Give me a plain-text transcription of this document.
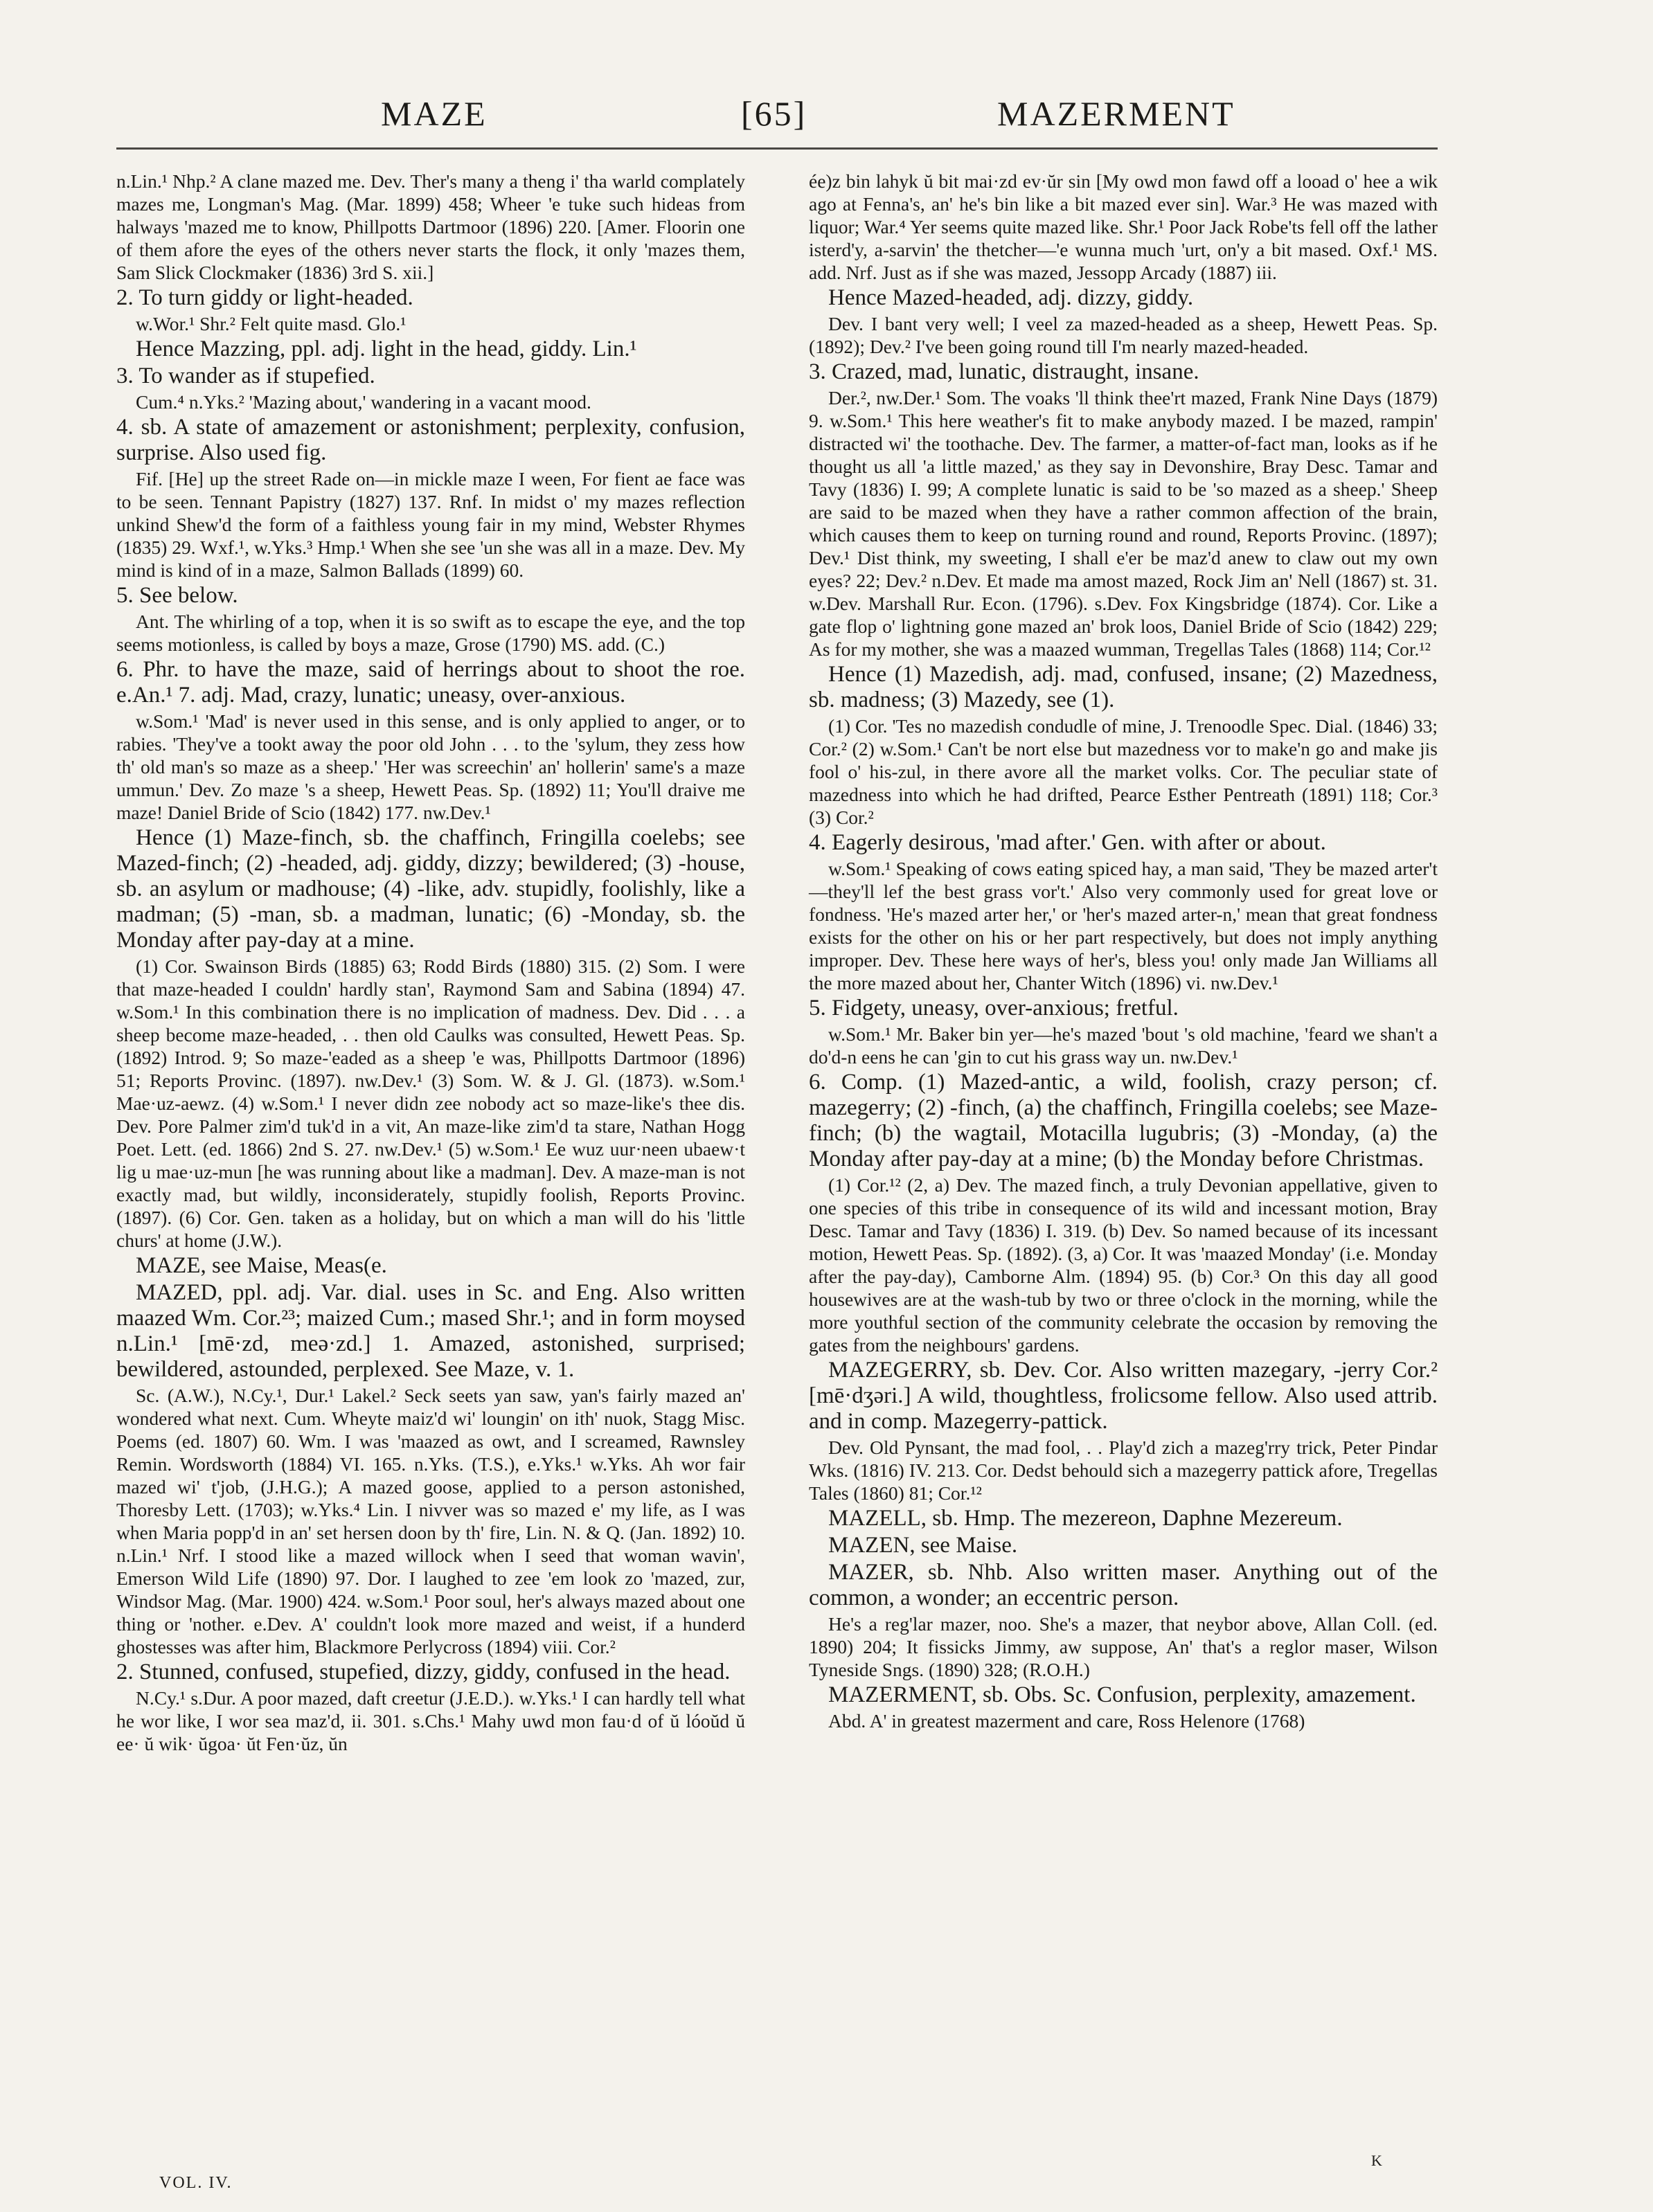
MAZE	[65]	MAZERMENT

n.Lin.¹ Nhp.² A clane mazed me. Dev. Ther's many a theng i' tha warld complately mazes me, Longman's Mag. (Mar. 1899) 458; Wheer 'e tuke such hideas from halways 'mazed me to know, Phillpotts Dartmoor (1896) 220. [Amer. Floorin one of them afore the eyes of the others never starts the flock, it only 'mazes them, Sam Slick Clockmaker (1836) 3rd S. xii.]

2. To turn giddy or light-headed.

w.Wor.¹ Shr.² Felt quite masd. Glo.¹

Hence Mazzing, ppl. adj. light in the head, giddy. Lin.¹

3. To wander as if stupefied.

Cum.⁴ n.Yks.² 'Mazing about,' wandering in a vacant mood.

4. sb. A state of amazement or astonishment; perplexity, confusion, surprise. Also used fig.

Fif. [He] up the street Rade on—in mickle maze I ween, For fient ae face was to be seen. Tennant Papistry (1827) 137. Rnf. In midst o' my mazes reflection unkind Shew'd the form of a faithless young fair in my mind, Webster Rhymes (1835) 29. Wxf.¹, w.Yks.³ Hmp.¹ When she see 'un she was all in a maze. Dev. My mind is kind of in a maze, Salmon Ballads (1899) 60.

5. See below.

Ant. The whirling of a top, when it is so swift as to escape the eye, and the top seems motionless, is called by boys a maze, Grose (1790) MS. add. (C.)

6. Phr. to have the maze, said of herrings about to shoot the roe. e.An.¹ 7. adj. Mad, crazy, lunatic; uneasy, over-anxious.

w.Som.¹ 'Mad' is never used in this sense, and is only applied to anger, or to rabies. 'They've a tookt away the poor old John . . . to the 'sylum, they zess how th' old man's so maze as a sheep.' 'Her was screechin' an' hollerin' same's a maze ummun.' Dev. Zo maze 's a sheep, Hewett Peas. Sp. (1892) 11; You'll draive me maze! Daniel Bride of Scio (1842) 177. nw.Dev.¹

Hence (1) Maze-finch, sb. the chaffinch, Fringilla coelebs; see Mazed-finch; (2) -headed, adj. giddy, dizzy; bewildered; (3) -house, sb. an asylum or madhouse; (4) -like, adv. stupidly, foolishly, like a madman; (5) -man, sb. a madman, lunatic; (6) -Monday, sb. the Monday after pay-day at a mine.

(1) Cor. Swainson Birds (1885) 63; Rodd Birds (1880) 315. (2) Som. I were that maze-headed I couldn' hardly stan', Raymond Sam and Sabina (1894) 47. w.Som.¹ In this combination there is no implication of madness. Dev. Did . . . a sheep become maze-headed, . . then old Caulks was consulted, Hewett Peas. Sp. (1892) Introd. 9; So maze-'eaded as a sheep 'e was, Phillpotts Dartmoor (1896) 51; Reports Provinc. (1897). nw.Dev.¹ (3) Som. W. & J. Gl. (1873). w.Som.¹ Mae·uz-aewz. (4) w.Som.¹ I never didn zee nobody act so maze-like's thee dis. Dev. Pore Palmer zim'd tuk'd in a vit, An maze-like zim'd ta stare, Nathan Hogg Poet. Lett. (ed. 1866) 2nd S. 27. nw.Dev.¹ (5) w.Som.¹ Ee wuz uur·neen ubaew·t lig u mae·uz-mun [he was running about like a madman]. Dev. A maze-man is not exactly mad, but wildly, inconsiderately, stupidly foolish, Reports Provinc. (1897). (6) Cor. Gen. taken as a holiday, but on which a man will do his 'little churs' at home (J.W.).

MAZE, see Maise, Meas(e.

MAZED, ppl. adj. Var. dial. uses in Sc. and Eng. Also written maazed Wm. Cor.²³; maized Cum.; mased Shr.¹; and in form moysed n.Lin.¹ [mē·zd, meə·zd.] 1. Amazed, astonished, surprised; bewildered, astounded, perplexed. See Maze, v. 1.

Sc. (A.W.), N.Cy.¹, Dur.¹ Lakel.² Seck seets yan saw, yan's fairly mazed an' wondered what next. Cum. Wheyte maiz'd wi' loungin' on ith' nuok, Stagg Misc. Poems (ed. 1807) 60. Wm. I was 'maazed as owt, and I screamed, Rawnsley Remin. Wordsworth (1884) VI. 165. n.Yks. (T.S.), e.Yks.¹ w.Yks. Ah wor fair mazed wi' t'job, (J.H.G.); A mazed goose, applied to a person astonished, Thoresby Lett. (1703); w.Yks.⁴ Lin. I nivver was so mazed e' my life, as I was when Maria popp'd in an' set hersen doon by th' fire, Lin. N. & Q. (Jan. 1892) 10. n.Lin.¹ Nrf. I stood like a mazed willock when I seed that woman wavin', Emerson Wild Life (1890) 97. Dor. I laughed to zee 'em look zo 'mazed, zur, Windsor Mag. (Mar. 1900) 424. w.Som.¹ Poor soul, her's always mazed about one thing or 'nother. e.Dev. A' couldn't look more mazed and weist, if a hunderd ghostesses was after him, Blackmore Perlycross (1894) viii. Cor.²

2. Stunned, confused, stupefied, dizzy, giddy, confused in the head.

N.Cy.¹ s.Dur. A poor mazed, daft creetur (J.E.D.). w.Yks.¹ I can hardly tell what he wor like, I wor sea maz'd, ii. 301. s.Chs.¹ Mahy uwd mon fau·d of ŭ lóoŭd ŭ ee· ŭ wik· ŭgoa· ŭt Fen·ŭz, ŭn

ée)z bin lahyk ŭ bit mai·zd ev·ŭr sin [My owd mon fawd off a looad o' hee a wik ago at Fenna's, an' he's bin like a bit mazed ever sin]. War.³ He was mazed with liquor; War.⁴ Yer seems quite mazed like. Shr.¹ Poor Jack Robe'ts fell off the lather isterd'y, a-sarvin' the thetcher—'e wunna much 'urt, on'y a bit mased. Oxf.¹ MS. add. Nrf. Just as if she was mazed, Jessopp Arcady (1887) iii.

Hence Mazed-headed, adj. dizzy, giddy.

Dev. I bant very well; I veel za mazed-headed as a sheep, Hewett Peas. Sp. (1892); Dev.² I've been going round till I'm nearly mazed-headed.

3. Crazed, mad, lunatic, distraught, insane.

Der.², nw.Der.¹ Som. The voaks 'll think thee'rt mazed, Frank Nine Days (1879) 9. w.Som.¹ This here weather's fit to make anybody mazed. I be mazed, rampin' distracted wi' the toothache. Dev. The farmer, a matter-of-fact man, looks as if he thought us all 'a little mazed,' as they say in Devonshire, Bray Desc. Tamar and Tavy (1836) I. 99; A complete lunatic is said to be 'so mazed as a sheep.' Sheep are said to be mazed when they have a rather common affection of the brain, which causes them to keep on turning round and round, Reports Provinc. (1897); Dev.¹ Dist think, my sweeting, I shall e'er be maz'd anew to claw out my own eyes? 22; Dev.² n.Dev. Et made ma amost mazed, Rock Jim an' Nell (1867) st. 31. w.Dev. Marshall Rur. Econ. (1796). s.Dev. Fox Kingsbridge (1874). Cor. Like a gate flop o' lightning gone mazed an' brok loos, Daniel Bride of Scio (1842) 229; As for my mother, she was a maazed wumman, Tregellas Tales (1868) 114; Cor.¹²

Hence (1) Mazedish, adj. mad, confused, insane; (2) Mazedness, sb. madness; (3) Mazedy, see (1).

(1) Cor. 'Tes no mazedish condudle of mine, J. Trenoodle Spec. Dial. (1846) 33; Cor.² (2) w.Som.¹ Can't be nort else but mazedness vor to make'n go and make jis fool o' his-zul, in there avore all the market volks. Cor. The peculiar state of mazedness into which he had drifted, Pearce Esther Pentreath (1891) 118; Cor.³ (3) Cor.²

4. Eagerly desirous, 'mad after.' Gen. with after or about.

w.Som.¹ Speaking of cows eating spiced hay, a man said, 'They be mazed arter't—they'll lef the best grass vor't.' Also very commonly used for great love or fondness. 'He's mazed arter her,' or 'her's mazed arter-n,' mean that great fondness exists for the other on his or her part respectively, but does not imply anything improper. Dev. These here ways of her's, bless you! only made Jan Williams all the more mazed about her, Chanter Witch (1896) vi. nw.Dev.¹

5. Fidgety, uneasy, over-anxious; fretful.

w.Som.¹ Mr. Baker bin yer—he's mazed 'bout 's old machine, 'feard we shan't a do'd-n eens he can 'gin to cut his grass way un. nw.Dev.¹

6. Comp. (1) Mazed-antic, a wild, foolish, crazy person; cf. mazegerry; (2) -finch, (a) the chaffinch, Fringilla coelebs; see Maze-finch; (b) the wagtail, Motacilla lugubris; (3) -Monday, (a) the Monday after pay-day at a mine; (b) the Monday before Christmas.

(1) Cor.¹² (2, a) Dev. The mazed finch, a truly Devonian appellative, given to one species of this tribe in consequence of its wild and incessant motion, Bray Desc. Tamar and Tavy (1836) I. 319. (b) Dev. So named because of its incessant motion, Hewett Peas. Sp. (1892). (3, a) Cor. It was 'maazed Monday' (i.e. Monday after the pay-day), Camborne Alm. (1894) 95. (b) Cor.³ On this day all good housewives are at the wash-tub by two or three o'clock in the morning, while the more youthful section of the community celebrate the occasion by removing the gates from the neighbours' gardens.

MAZEGERRY, sb. Dev. Cor. Also written mazegary, -jerry Cor.² [mē·dʒəri.] A wild, thoughtless, frolicsome fellow. Also used attrib. and in comp. Mazegerry-pattick.

Dev. Old Pynsant, the mad fool, . . Play'd zich a mazeg'rry trick, Peter Pindar Wks. (1816) IV. 213. Cor. Dedst behould sich a mazegerry pattick afore, Tregellas Tales (1860) 81; Cor.¹²

MAZELL, sb. Hmp. The mezereon, Daphne Mezereum.

MAZEN, see Maise.

MAZER, sb. Nhb. Also written maser. Anything out of the common, a wonder; an eccentric person.

He's a reg'lar mazer, noo. She's a mazer, that neybor above, Allan Coll. (ed. 1890) 204; It fissicks Jimmy, aw suppose, An' that's a reglor maser, Wilson Tyneside Sngs. (1890) 328; (R.O.H.)

MAZERMENT, sb. Obs. Sc. Confusion, perplexity, amazement.

Abd. A' in greatest mazerment and care, Ross Helenore (1768)

VOL. IV.
K
